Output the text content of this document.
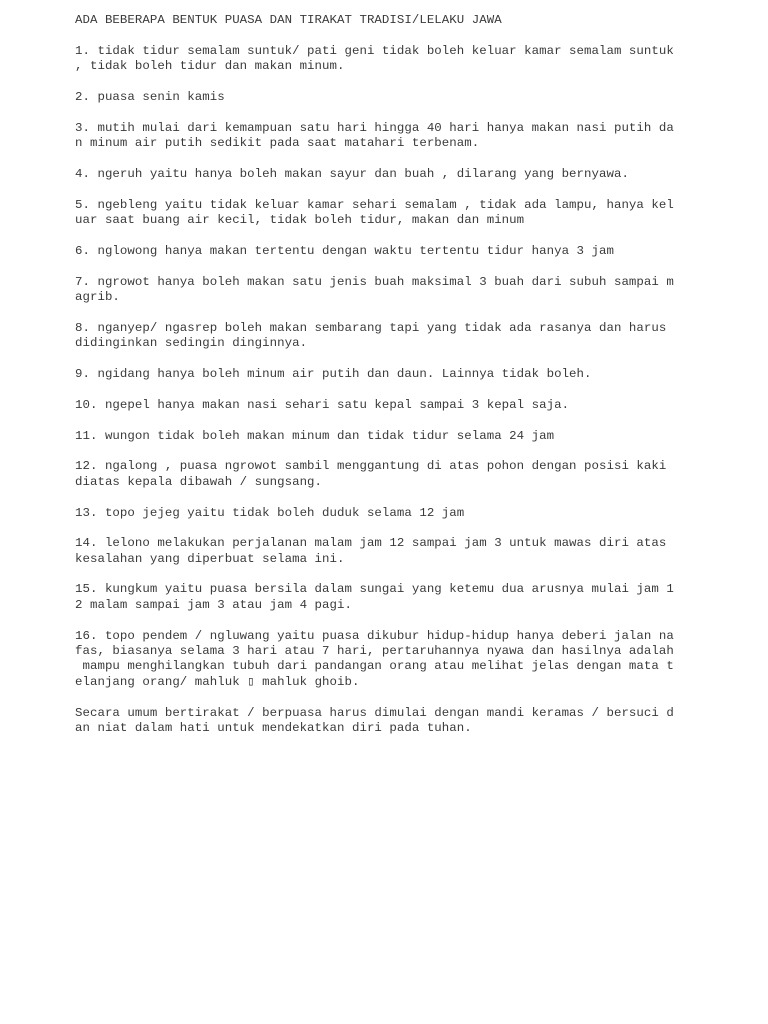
ADA BEBERAPA BENTUK PUASA DAN TIRAKAT TRADISI/LELAKU JAWA
1. tidak tidur semalam suntuk/ pati geni tidak boleh keluar kamar semalam suntuk
, tidak boleh tidur dan makan minum.
2. puasa senin kamis
3. mutih mulai dari kemampuan satu hari hingga 40 hari hanya makan nasi putih da
n minum air putih sedikit pada saat matahari terbenam.
4. ngeruh yaitu hanya boleh makan sayur dan buah , dilarang yang bernyawa.
5. ngebleng yaitu tidak keluar kamar sehari semalam , tidak ada lampu, hanya kel
uar saat buang air kecil, tidak boleh tidur, makan dan minum
6. nglowong hanya makan tertentu dengan waktu tertentu tidur hanya 3 jam
7. ngrowot hanya boleh makan satu jenis buah maksimal 3 buah dari subuh sampai m
agrib.
8. nganyep/ ngasrep boleh makan sembarang tapi yang tidak ada rasanya dan harus
didinginkan sedingin dinginnya.
9. ngidang hanya boleh minum air putih dan daun. Lainnya tidak boleh.
10. ngepel hanya makan nasi sehari satu kepal sampai 3 kepal saja.
11. wungon tidak boleh makan minum dan tidak tidur selama 24 jam
12. ngalong , puasa ngrowot sambil menggantung di atas pohon dengan posisi kaki
diatas kepala dibawah / sungsang.
13. topo jejeg yaitu tidak boleh duduk selama 12 jam
14. lelono melakukan perjalanan malam jam 12 sampai jam 3 untuk mawas diri atas
kesalahan yang diperbuat selama ini.
15. kungkum yaitu puasa bersila dalam sungai yang ketemu dua arusnya mulai jam 1
2 malam sampai jam 3 atau jam 4 pagi.
16. topo pendem / ngluwang yaitu puasa dikubur hidup-hidup hanya deberi jalan na
fas, biasanya selama 3 hari atau 7 hari, pertaruhannya nyawa dan hasilnya adalah
mampu menghilangkan tubuh dari pandangan orang atau melihat jelas dengan mata t
elanjang orang/ mahluk ▯ mahluk ghoib.
Secara umum bertirakat / berpuasa harus dimulai dengan mandi keramas / bersuci d
an niat dalam hati untuk mendekatkan diri pada tuhan.
